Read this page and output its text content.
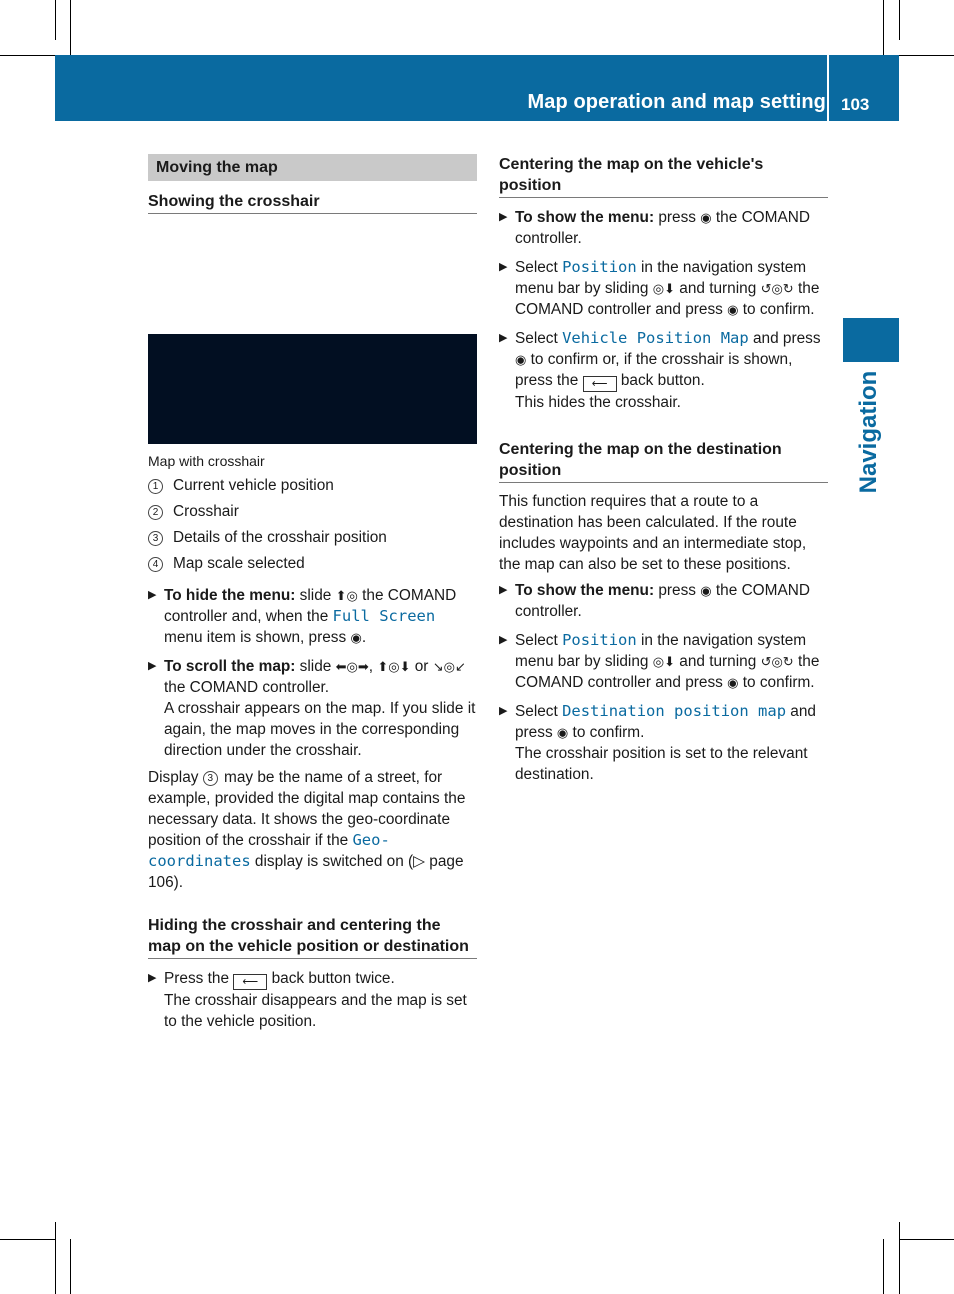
Map operation and map setting 103
Navigation
Moving the map
Showing the crosshair
Map with crosshair
1 Current vehicle position
2 Crosshair
3 Details of the crosshair position
4 Map scale selected

▶ To hide the menu: slide ⬆◎ the COMAND controller and, when the Full Screen menu item is shown, press ◉.

▶ To scroll the map: slide ⬅◎➡, ⬆◎⬇ or ↘◎↙ the COMAND controller.

A crosshair appears on the map. If you slide it again, the map moves in the corresponding direction under the crosshair.

Display 3 may be the name of a street, for example, provided the digital map contains the necessary data. It shows the geo-coordinate position of the crosshair if the Geo-coordinates display is switched on (▷ page 106).
Hiding the crosshair and centering the map on the vehicle position or destination

▶ Press the ⟵ back button twice.

The crosshair disappears and the map is set to the vehicle position.

Centering the map on the vehicle's position

▶ To show the menu: press ◉ the COMAND controller.

▶ Select Position in the navigation system menu bar by sliding ◎⬇ and turning ↺◎↻ the COMAND controller and press ◉ to confirm.

▶ Select Vehicle Position Map and press ◉ to confirm or, if the crosshair is shown, press the ⟵ back button.

This hides the crosshair.

Centering the map on the destination position
This function requires that a route to a destination has been calculated. If the route includes waypoints and an intermediate stop, the map can also be set to these positions.

▶ To show the menu: press ◉ the COMAND controller.

▶ Select Position in the navigation system menu bar by sliding ◎⬇ and turning ↺◎↻ the COMAND controller and press ◉ to confirm.

▶ Select Destination position map and press ◉ to confirm.

The crosshair position is set to the relevant destination.
